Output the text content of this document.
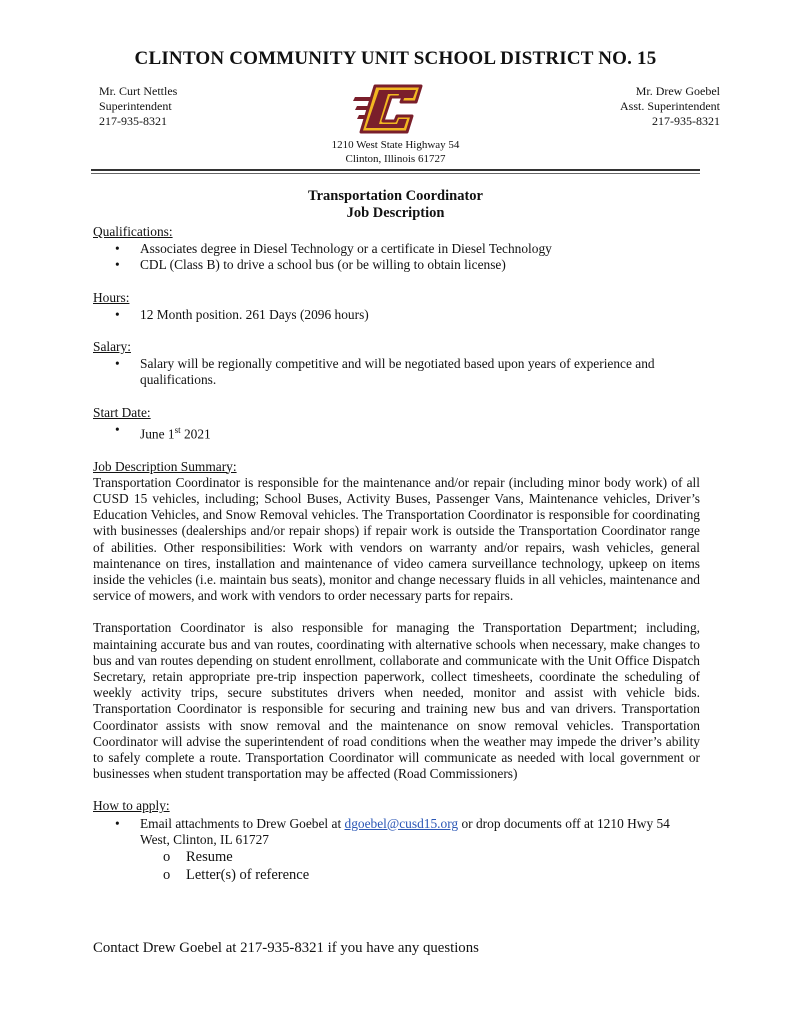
CLINTON COMMUNITY UNIT SCHOOL DISTRICT NO. 15
Mr. Curt Nettles
Superintendent
217-935-8321
Mr. Drew Goebel
Asst. Superintendent
217-935-8321
1210 West State Highway 54
Clinton, Illinois 61727
Transportation Coordinator
Job Description
Qualifications:
• Associates degree in Diesel Technology or a certificate in Diesel Technology
• CDL (Class B) to drive a school bus (or be willing to obtain license)
Hours:
• 12 Month position. 261 Days (2096 hours)
Salary:
• Salary will be regionally competitive and will be negotiated based upon years of experience and qualifications.
Start Date:
• June 1st 2021
Job Description Summary:
Transportation Coordinator is responsible for the maintenance and/or repair (including minor body work) of all CUSD 15 vehicles, including; School Buses, Activity Buses, Passenger Vans, Maintenance vehicles, Driver’s Education Vehicles, and Snow Removal vehicles. The Transportation Coordinator is responsible for coordinating with businesses (dealerships and/or repair shops) if repair work is outside the Transportation Coordinator range of abilities. Other responsibilities: Work with vendors on warranty and/or repairs, wash vehicles, general maintenance on tires, installation and maintenance of video camera surveillance technology, upkeep on items inside the vehicles (i.e. maintain bus seats), monitor and change necessary fluids in all vehicles, maintenance and service of mowers, and work with vendors to order necessary parts for repairs.
Transportation Coordinator is also responsible for managing the Transportation Department; including, maintaining accurate bus and van routes, coordinating with alternative schools when necessary, make changes to bus and van routes depending on student enrollment, collaborate and communicate with the Unit Office Dispatch Secretary, retain appropriate pre-trip inspection paperwork, collect timesheets, coordinate the scheduling of weekly activity trips, secure substitutes drivers when needed, monitor and assist with vehicle bids. Transportation Coordinator is responsible for securing and training new bus and van drivers. Transportation Coordinator assists with snow removal and the maintenance on snow removal vehicles. Transportation Coordinator will advise the superintendent of road conditions when the weather may impede the driver’s ability to safely complete a route. Transportation Coordinator will communicate as needed with local government or businesses when student transportation may be affected (Road Commissioners)
How to apply:
• Email attachments to Drew Goebel at dgoebel@cusd15.org or drop documents off at 1210 Hwy 54 West, Clinton, IL 61727
o Resume
o Letter(s) of reference
Contact Drew Goebel at 217-935-8321 if you have any questions
